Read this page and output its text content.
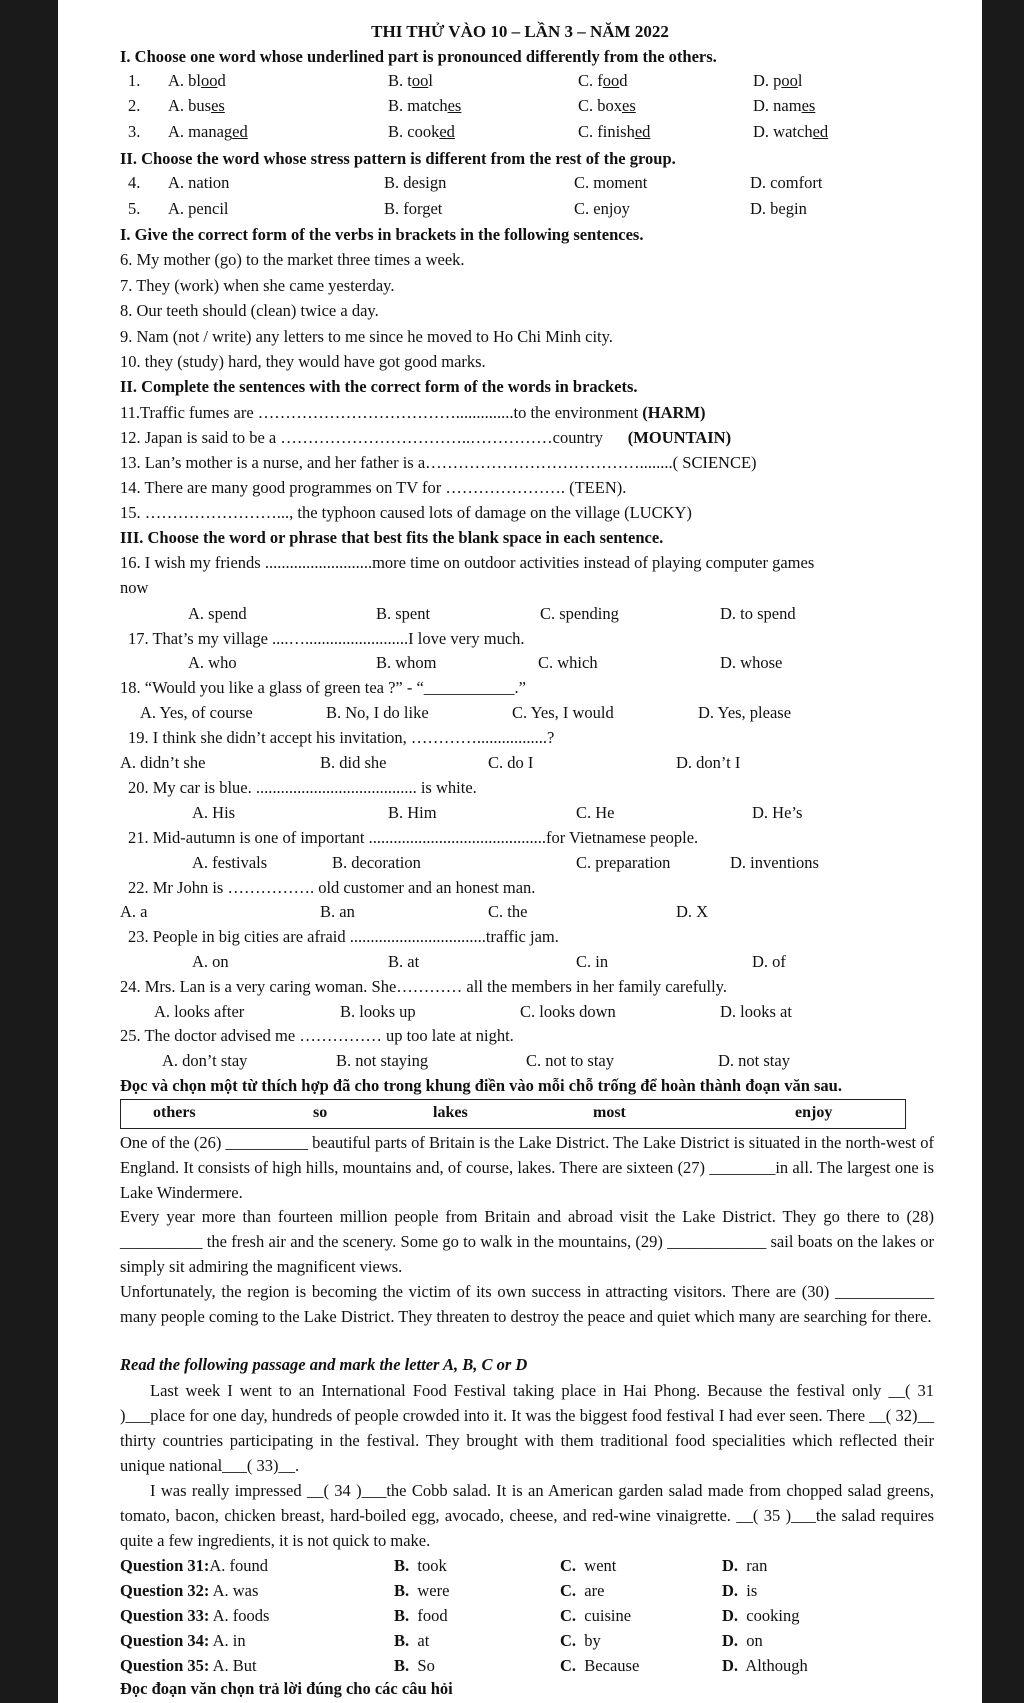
THI THỬ VÀO 10 – LẦN 3 – NĂM 2022
I. Choose one word whose underlined part is pronounced differently from the others.
1. A. blood	B. tool	C. food	D. pool
2. A. buses	B. matches	C. boxes	D. names
3. A. managed	B. cooked	C. finished	D. watched
II. Choose the word whose stress pattern is different from the rest of the group.
4. A. nation	B. design	C. moment	D. comfort
5. A. pencil	B. forget	C. enjoy	D. begin
I. Give the correct form of the verbs in brackets in the following sentences.
6. My mother (go) to the market three times a week.
7. They (work) when she came yesterday.
8. Our teeth should (clean) twice a day.
9. Nam (not / write) any letters to me since he moved to Ho Chi Minh city.
10. they (study) hard, they would have got good marks.
II. Complete the sentences with the correct form of the words in brackets.
11.Traffic fumes are ………………………………..............to the environment (HARM)
12. Japan is said to be a ……………………………..……………country (MOUNTAIN)
13. Lan’s mother is a nurse, and her father is a…………………………………........( SCIENCE)
14. There are many good programmes on TV for …………………. (TEEN).
15. ……………………..., the typhoon caused lots of damage on the village (LUCKY)
III. Choose the word or phrase that best fits the blank space in each sentence.
16. I wish my friends ..........................more time on outdoor activities instead of playing computer games
now
A. spend	B. spent	C. spending	D. to spend
17. That’s my village ....….........................I love very much.
A. who	B. whom	C. which	D. whose
18. “Would you like a glass of green tea ?” - “___________.”
A. Yes, of course	B. No, I do like	C. Yes, I would	D. Yes, please
19. I think she didn’t accept his invitation, ………….................?
A. didn’t she	B. did she	C. do I	D. don’t I
20. My car is blue. ....................................... is white.
A. His	B. Him	C. He	D. He’s
21. Mid-autumn is one of important ...........................................for Vietnamese people.
A. festivals	B. decoration	C. preparation	D. inventions
22. Mr John is ……………. old customer and an honest man.
A. a	B. an	C. the	D. X
23. People in big cities are afraid .................................traffic jam.
A. on	B. at	C. in	D. of
24. Mrs. Lan is a very caring woman. She………… all the members in her family carefully.
A. looks after	B. looks up	C. looks down	D. looks at
25. The doctor advised me …………… up too late at night.
A. don’t stay	B. not staying	C. not to stay	D. not stay
Đọc và chọn một từ thích hợp đã cho trong khung điền vào mỗi chỗ trống để hoàn thành đoạn văn sau.
others	so	lakes	most	enjoy
One of the (26) __________ beautiful parts of Britain is the Lake District. The Lake District is situated in the north-west of England. It consists of high hills, mountains and, of course, lakes. There are sixteen (27) ________in all. The largest one is Lake Windermere.
Every year more than fourteen million people from Britain and abroad visit the Lake District. They go there to (28) __________ the fresh air and the scenery. Some go to walk in the mountains, (29) ____________ sail boats on the lakes or simply sit admiring the magnificent views.
Unfortunately, the region is becoming the victim of its own success in attracting visitors. There are (30) ____________ many people coming to the Lake District. They threaten to destroy the peace and quiet which many are searching for there.
Read the following passage and mark the letter A, B, C or D
Last week I went to an International Food Festival taking place in Hai Phong. Because the festival only __( 31 )___place for one day, hundreds of people crowded into it. It was the biggest food festival I had ever seen. There __( 32)__ thirty countries participating in the festival. They brought with them traditional food specialities which reflected their unique national___( 33)__.
I was really impressed __( 34 )___the Cobb salad. It is an American garden salad made from chopped salad greens, tomato, bacon, chicken breast, hard-boiled egg, avocado, cheese, and red-wine vinaigrette. __( 35 )___the salad requires quite a few ingredients, it is not quick to make.
Question 31:A. found	B. took	C. went	D. ran
Question 32: A. was	B. were	C. are	D. is
Question 33: A. foods	B. food	C. cuisine	D. cooking
Question 34: A. in	B. at	C. by	D. on
Question 35: A. But	B. So	C. Because	D. Although
Đọc đoạn văn chọn trả lời đúng cho các câu hỏi
